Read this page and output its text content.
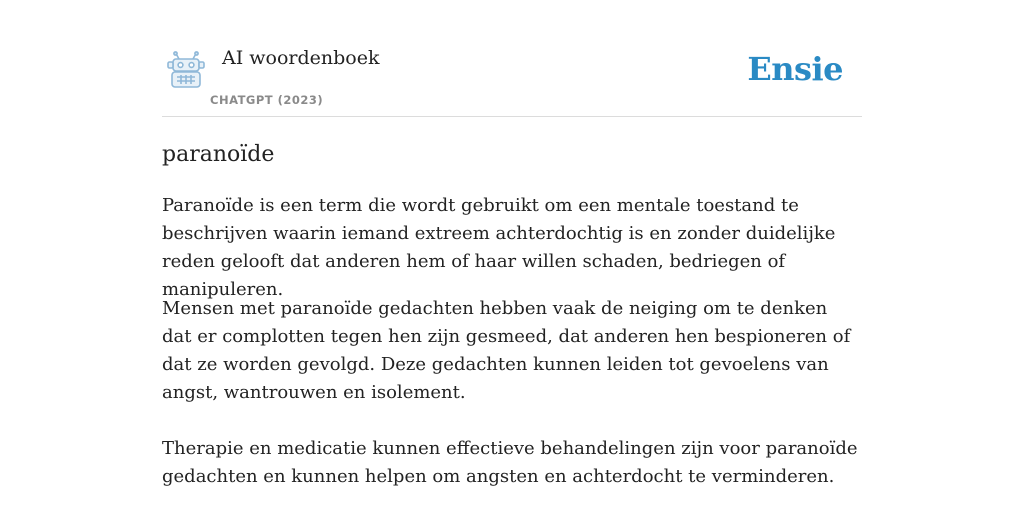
AI woordenboek
CHATGPT (2023)
Ensie
paranoïde

Paranoïde is een term die wordt gebruikt om een mentale toestand te beschrijven waarin iemand extreem achterdochtig is en zonder duidelijke reden gelooft dat anderen hem of haar willen schaden, bedriegen of manipuleren.

Mensen met paranoïde gedachten hebben vaak de neiging om te denken dat er complotten tegen hen zijn gesmeed, dat anderen hen bespioneren of dat ze worden gevolgd. Deze gedachten kunnen leiden tot gevoelens van angst, wantrouwen en isolement.

Therapie en medicatie kunnen effectieve behandelingen zijn voor paranoïde gedachten en kunnen helpen om angsten en achterdocht te verminderen.
